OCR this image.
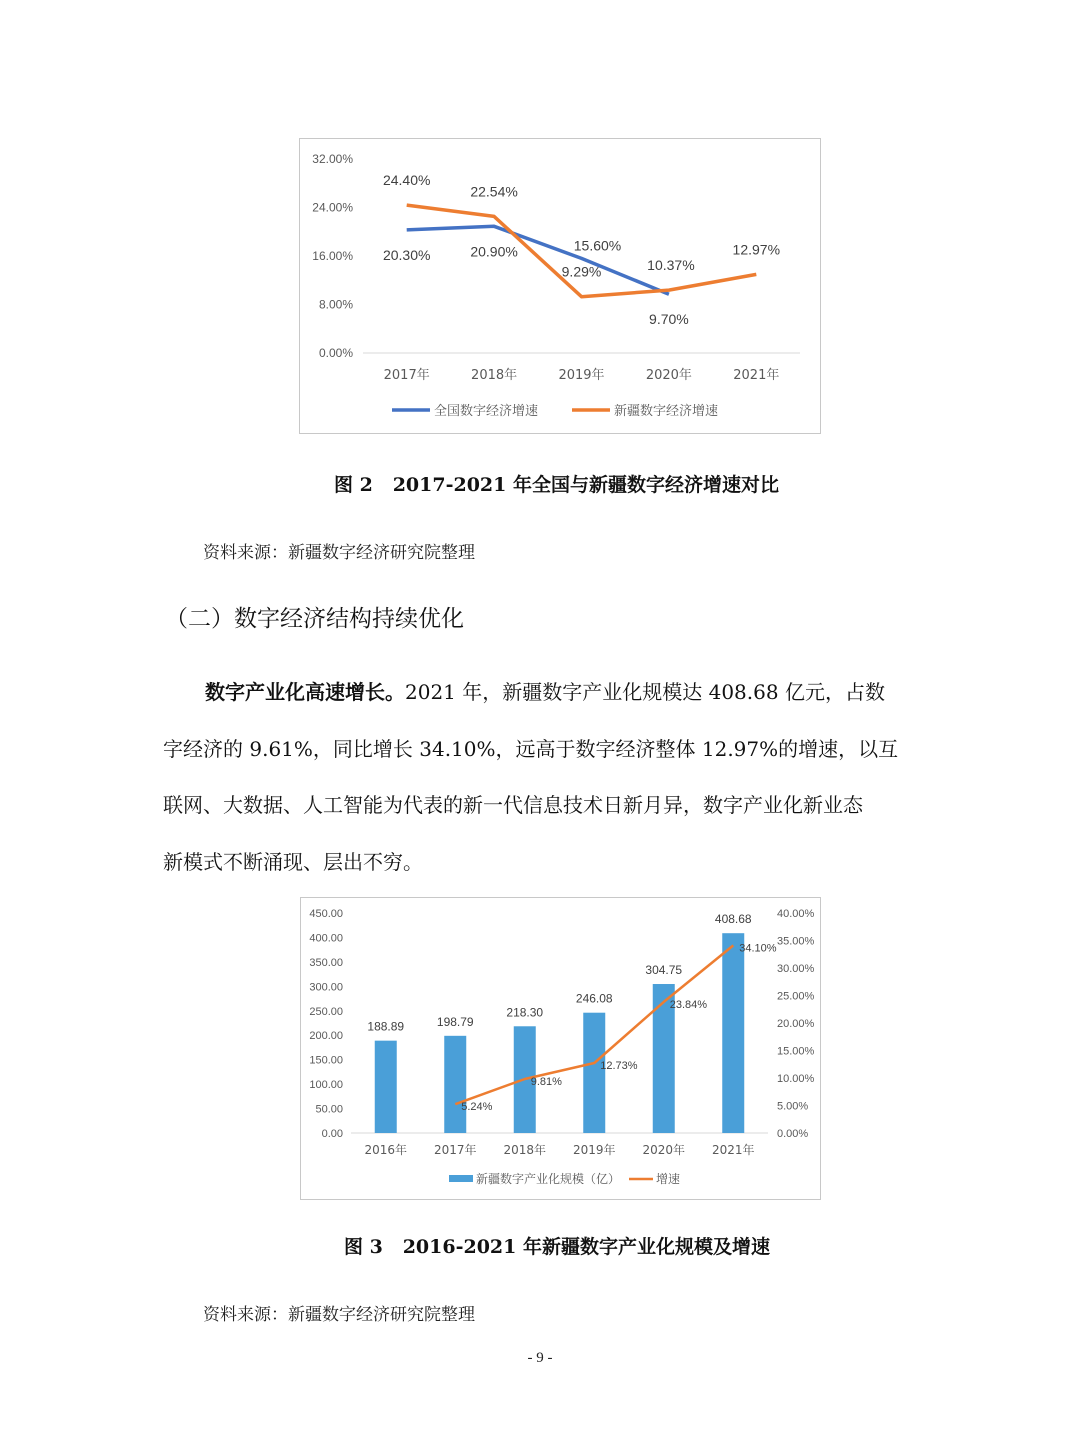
0.00%
8.00%
16.00%
24.00%
32.00%
2017年	2018年	2019年	2020年	2021年
20.30%	20.90%	15.60%
9.70%
24.40%
22.54%
9.29%	10.37%
12.97%
全国数字经济增速	新疆数字经济增速
图 2 2017-2021 年全国与新疆数字经济增速对比
资料来源：新疆数字经济研究院整理
（二）数字经济结构持续优化
数字产业化高速增长。2021 年，新疆数字产业化规模达 408.68 亿元，占数
字经济的 9.61%，同比增长 34.10%，远高于数字经济整体 12.97%的增速，以互
联网、大数据、人工智能为代表的新一代信息技术日新月异，数字产业化新业态
新模式不断涌现、层出不穷。
0.00
50.00
100.00
150.00
200.00
250.00
300.00
350.00
400.00
450.00
0.00%
5.00%
10.00%
15.00%
20.00%
25.00%
30.00%
35.00%
40.00%
2016年 2017年 2018年 2019年 2020年 2021年
188.89	198.79
218.30
246.08
304.75
408.68
5.24%
9.81%
12.73%
23.84%
34.10%
新疆数字产业化规模（亿）	增速
图 3 2016-2021 年新疆数字产业化规模及增速
资料来源：新疆数字经济研究院整理
- 9 -
